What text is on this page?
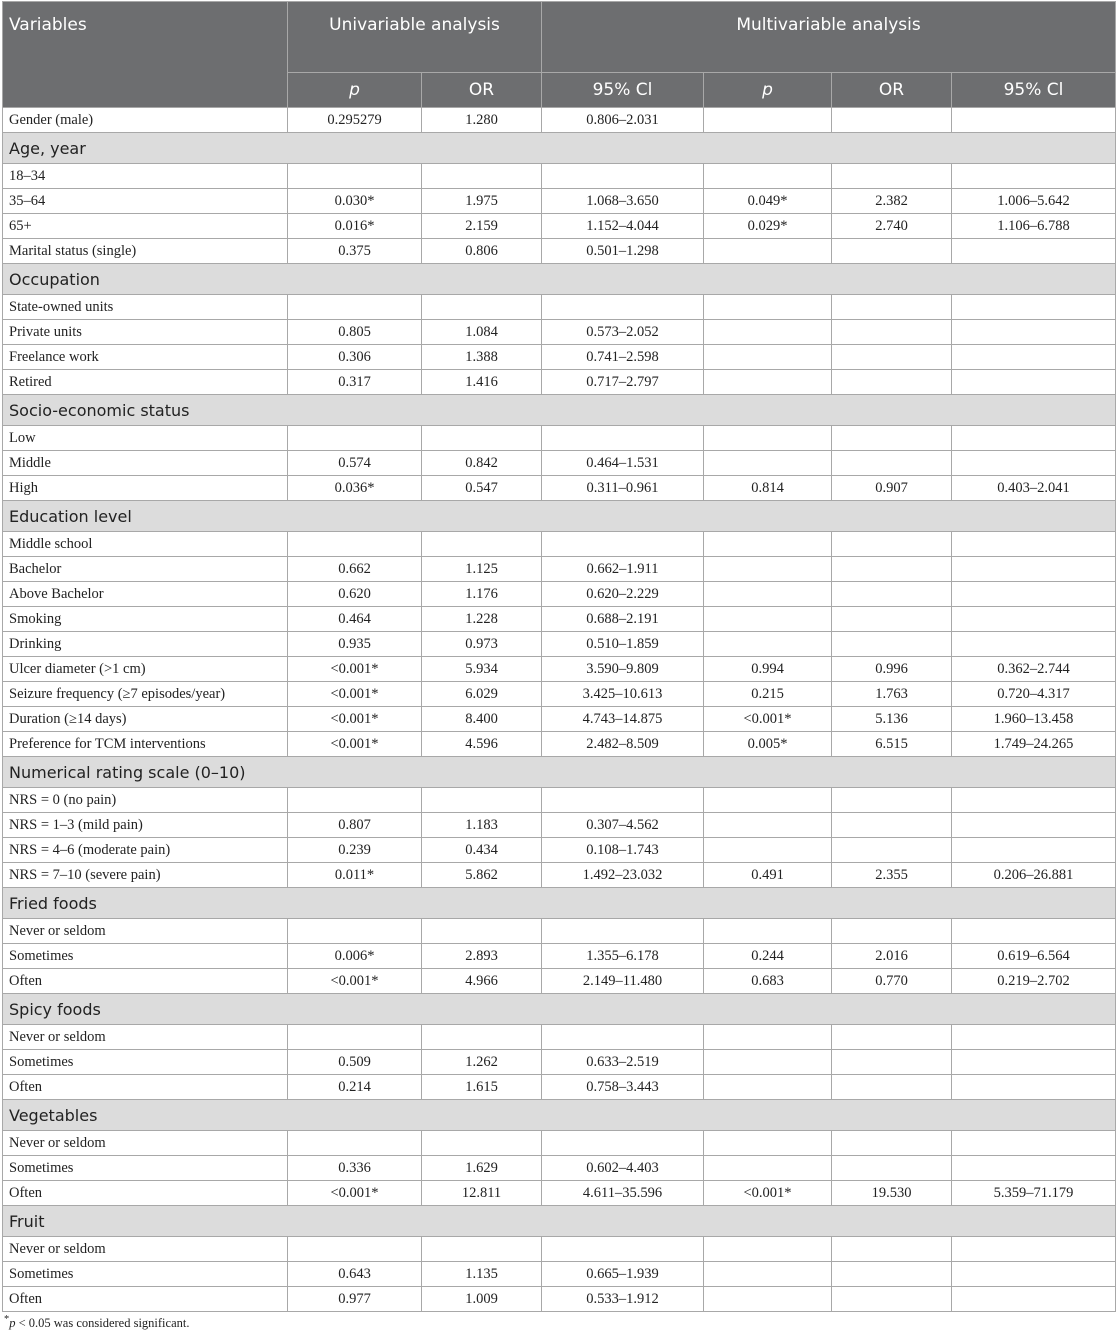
Variables	Univariable analysis		Multivariable analysis			
	p	OR	95% Cl	p	OR	95% Cl
Gender (male)	0.295279	1.280	0.806–2.031			
Age, year						
18–34						
35–64	0.030*	1.975	1.068–3.650	0.049*	2.382	1.006–5.642
65+	0.016*	2.159	1.152–4.044	0.029*	2.740	1.106–6.788
Marital status (single)	0.375	0.806	0.501–1.298			
Occupation						
State-owned units						
Private units	0.805	1.084	0.573–2.052			
Freelance work	0.306	1.388	0.741–2.598			
Retired	0.317	1.416	0.717–2.797			
Socio-economic status						
Low						
Middle	0.574	0.842	0.464–1.531			
High	0.036*	0.547	0.311–0.961	0.814	0.907	0.403–2.041
Education level						
Middle school						
Bachelor	0.662	1.125	0.662–1.911			
Above Bachelor	0.620	1.176	0.620–2.229			
Smoking	0.464	1.228	0.688–2.191			
Drinking	0.935	0.973	0.510–1.859			
Ulcer diameter (>1 cm)	<0.001*	5.934	3.590–9.809	0.994	0.996	0.362–2.744
Seizure frequency (≥7 episodes/year)	<0.001*	6.029	3.425–10.613	0.215	1.763	0.720–4.317
Duration (≥14 days)	<0.001*	8.400	4.743–14.875	<0.001*	5.136	1.960–13.458
Preference for TCM interventions	<0.001*	4.596	2.482–8.509	0.005*	6.515	1.749–24.265
Numerical rating scale (0–10)						
NRS = 0 (no pain)						
NRS = 1–3 (mild pain)	0.807	1.183	0.307–4.562			
NRS = 4–6 (moderate pain)	0.239	0.434	0.108–1.743			
NRS = 7–10 (severe pain)	0.011*	5.862	1.492–23.032	0.491	2.355	0.206–26.881
Fried foods						
Never or seldom						
Sometimes	0.006*	2.893	1.355–6.178	0.244	2.016	0.619–6.564
Often	<0.001*	4.966	2.149–11.480	0.683	0.770	0.219–2.702
Spicy foods						
Never or seldom						
Sometimes	0.509	1.262	0.633–2.519			
Often	0.214	1.615	0.758–3.443			
Vegetables						
Never or seldom						
Sometimes	0.336	1.629	0.602–4.403			
Often	<0.001*	12.811	4.611–35.596	<0.001*	19.530	5.359–71.179
Fruit						
Never or seldom						
Sometimes	0.643	1.135	0.665–1.939			
Often	0.977	1.009	0.533–1.912			
*p < 0.05 was considered significant.
